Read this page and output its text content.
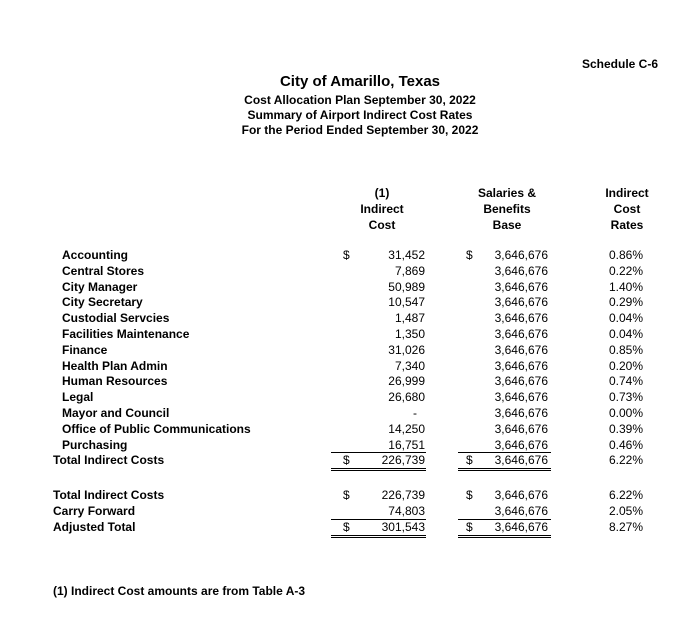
Schedule C-6
City of Amarillo, Texas
Cost Allocation Plan September 30, 2022
Summary of Airport Indirect Cost Rates
For the Period Ended September 30, 2022
(1)
Indirect
Cost
Salaries &
Benefits
Base
Indirect
Cost
Rates
Accounting	$	31,452	$ 3,646,676	0.86%
Central Stores	7,869	3,646,676	0.22%
City Manager	50,989	3,646,676	1.40%
City Secretary	10,547	3,646,676	0.29%
Custodial Servcies	1,487	3,646,676	0.04%
Facilities Maintenance	1,350	3,646,676	0.04%
Finance	31,026	3,646,676	0.85%
Health Plan Admin	7,340	3,646,676	0.20%
Human Resources	26,999	3,646,676	0.74%
Legal	26,680	3,646,676	0.73%
Mayor and Council	-	3,646,676	0.00%
Office of Public Communications	14,250	3,646,676	0.39%
Purchasing	16,751	3,646,676	0.46%
Total Indirect Costs	$	226,739	$ 3,646,676	6.22%
Total Indirect Costs	$	226,739	$ 3,646,676	6.22%
Carry Forward	74,803	3,646,676	2.05%
Adjusted Total	$	301,543	$ 3,646,676	8.27%
(1) Indirect Cost amounts are from Table A-3
